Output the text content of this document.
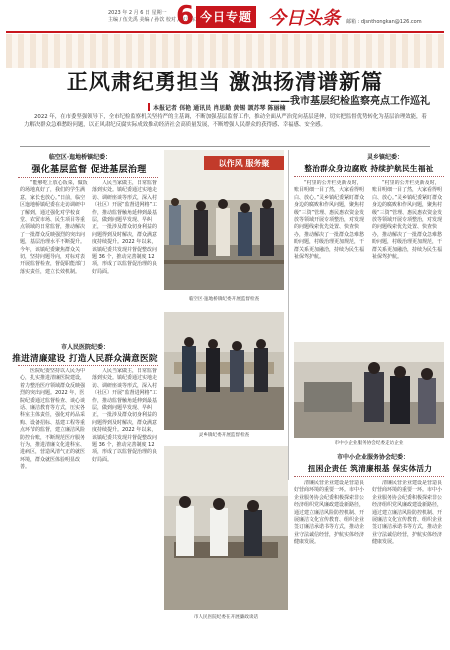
2023 年 2 月 6 日 星期一
主编 / 伍先禹 美编 / 孙饮 校对 / 龙学东
6 今日专题 今日头条 邮箱 : djsnthongkan@126.com
正风肃纪勇担当 激浊扬清谱新篇
——我市基层纪检监察亮点工作巡礼
本报记者 佴艳 通讯员 肖思勤 黄锡 颉苏琴 陈丽楠
2022 年，在市委坚强领导下，全市纪检监察机关坚持严的主基调，不断加强基层监督工作，推动全面从严治党向基层延伸，切实把监督优势转化为基层治理效能，着力解决群众急难愁盼问题，以正风肃纪反腐实际成效推动经济社会高质量发展，不断增强人民群众的获得感、幸福感、安全感。
临空区·迤地桥镇纪委：
强化基层监督 促进基层治理
“能够吃上放心饭菜，做饭的场地真好了，我们的学生满意，家长也放心。”日前，临空区迤地桥镇纪委在走访调研中了解到，通过强化对学校食堂、农贸市场、民生项目等重点领域的日常监督，推动解决了一批群众反映强烈的突出问题，基层治理水平不断提升。今年，该镇纪委聚焦群众关切，坚持问题导向，对标对表开展监督检查，督促职能部门落实责任，建立长效机制。
人民当家做主，日常监督落到实处。镇纪委通过实地走访、调研座谈等形式，深入村（社区）开展“监督进网格”工作，推动监督触角延伸到最基层，做到问题早发现、早纠正，一批涉及群众切身利益的问题得到及时解决，群众满意度持续提升。2022 年以来，该镇纪委共发现并督促整改问题 36 个，推动完善制度 12 项，形成了以监督促治理的良好局面。
以作风 服务聚
临空区·迤地桥镇纪委开展监督检查
灵乡镇纪委：
整治群众身边腐败 持续护航民生福祉
“村里的公开栏更新及时，账目明细一目了然，大家看得明白、放心。”灵乡镇纪委紧盯群众身边的腐败和作风问题，聚焦村级“三资”管理、惠民惠农资金发放等领域开展专项整治，对发现的问题线索优先处置、快查快办，推动解决了一批群众急难愁盼问题，村级治理更加规范，干群关系更加融洽，持续为民生福祉保驾护航。
“村里的公开栏更新及时，账目明细一目了然，大家看得明白、放心。”灵乡镇纪委紧盯群众身边的腐败和作风问题，聚焦村级“三资”管理、惠民惠农资金发放等领域开展专项整治，对发现的问题线索优先处置、快查快办，推动解决了一批群众急难愁盼问题，村级治理更加规范，干群关系更加融洽，持续为民生福祉保驾护航。
市中小企业服务协会纪委走访企业
市人民医院纪委：
推进清廉建设 打造人民群众满意医院
医院纪委坚持以人民为中心，扎实推进清廉医院建设，着力整治医疗领域群众反映强烈的突出问题。2022 年，医院纪委通过监督检查、谈心谈话、廉洁教育等方式，压实各科室主体责任，强化对药品采购、设备招标、基建工程等重点环节的监督，建立廉洁风险防控台账，不断规范医疗服务行为，推进清廉文化进科室、进病区，营造风清气正的就医环境，群众就医体验明显改善。
人民当家做主，日常监督落到实处。镇纪委通过实地走访、调研座谈等形式，深入村（社区）开展“监督进网格”工作，推动监督触角延伸到最基层，做到问题早发现、早纠正，一批涉及群众切身利益的问题得到及时解决，群众满意度持续提升。2022 年以来，该镇纪委共发现并督促整改问题 36 个，推动完善制度 12 项，形成了以监督促治理的良好局面。
灵乡镇纪委开展监督检查
市人民医院纪委在开展廉政谈话
市中小企业服务协会纪委：
扭困企责任 筑清廉根基 保实体活力
清廉民营企业建设是营造良好营商环境的重要一环。市中小企业服务协会纪委积极探索非公经济组织党风廉政建设新路径，通过建立廉洁风险防控机制、开展廉洁文化宣传教育、组织企业签订廉洁承诺书等方式，推动企业守法诚信经营，护航实体经济健康发展。
清廉民营企业建设是营造良好营商环境的重要一环。市中小企业服务协会纪委积极探索非公经济组织党风廉政建设新路径，通过建立廉洁风险防控机制、开展廉洁文化宣传教育、组织企业签订廉洁承诺书等方式，推动企业守法诚信经营，护航实体经济健康发展。
